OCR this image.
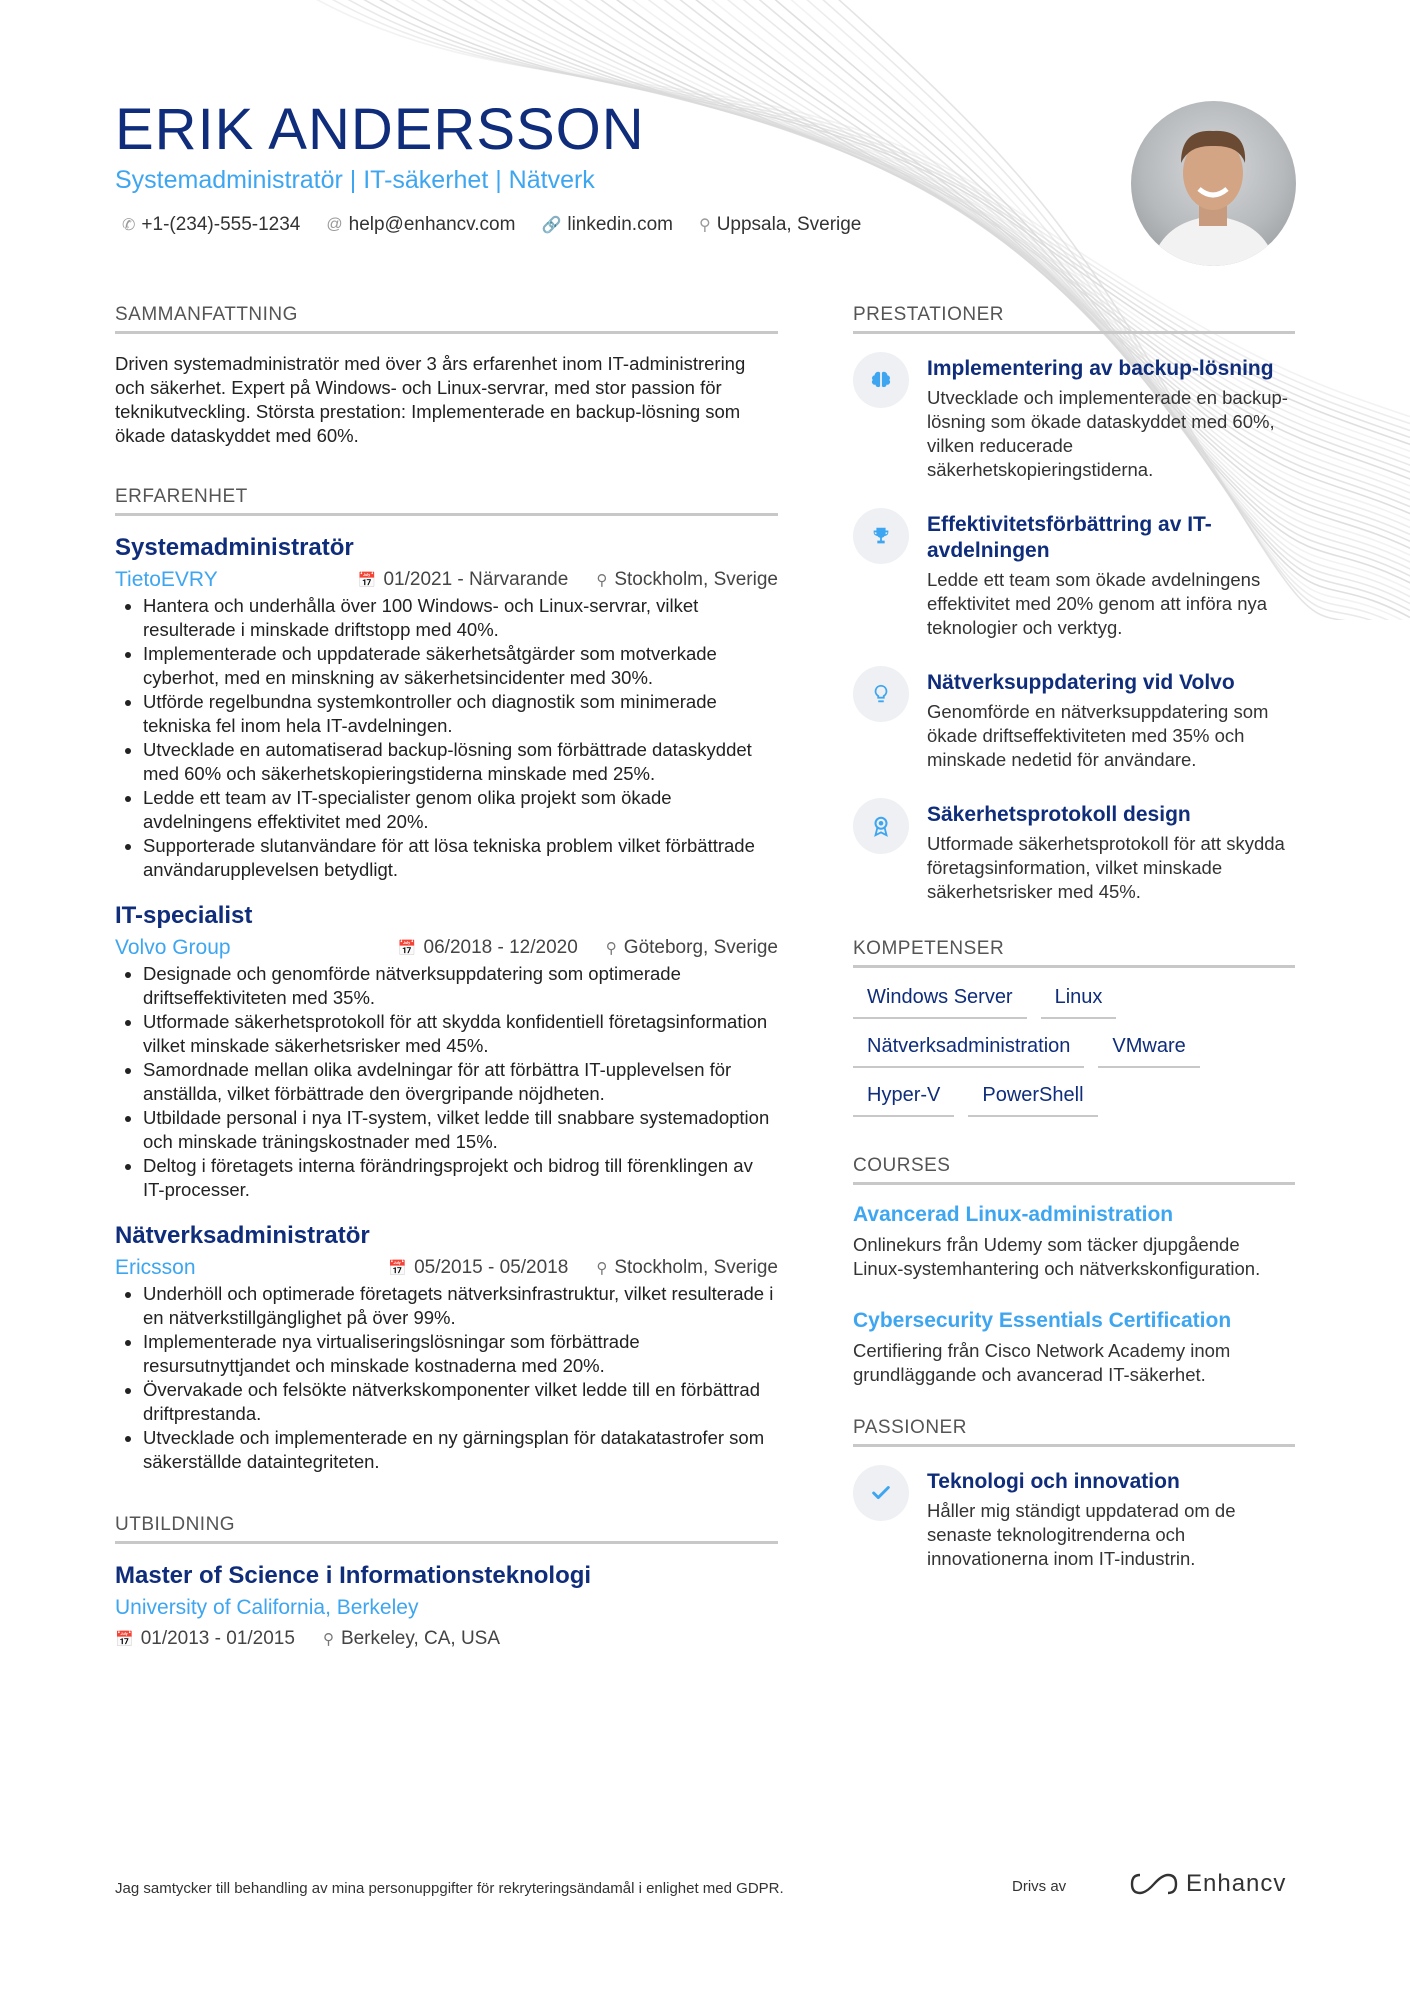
ERIK ANDERSSON
Systemadministratör | IT-säkerhet | Nätverk
✆ +1-(234)-555-1234 @ help@enhancv.com 🔗 linkedin.com ⚲ Uppsala, Sverige
SAMMANFATTNING

Driven systemadministratör med över 3 års erfarenhet inom IT-administrering och säkerhet. Expert på Windows- och Linux-servrar, med stor passion för teknikutveckling. Största prestation: Implementerade en backup-lösning som ökade dataskyddet med 60%.

ERFARENHET
Systemadministratör
TietoEVRY	📅 01/2021 - Närvarande ⚲ Stockholm, Sverige
• Hantera och underhålla över 100 Windows- och Linux-servrar, vilket resulterade i minskade driftstopp med 40%.
• Implementerade och uppdaterade säkerhetsåtgärder som motverkade cyberhot, med en minskning av säkerhetsincidenter med 30%.
• Utförde regelbundna systemkontroller och diagnostik som minimerade tekniska fel inom hela IT-avdelningen.
• Utvecklade en automatiserad backup-lösning som förbättrade dataskyddet med 60% och säkerhetskopieringstiderna minskade med 25%.
• Ledde ett team av IT-specialister genom olika projekt som ökade avdelningens effektivitet med 20%.
• Supporterade slutanvändare för att lösa tekniska problem vilket förbättrade användarupplevelsen betydligt.
IT-specialist
Volvo Group	📅 06/2018 - 12/2020 ⚲ Göteborg, Sverige
• Designade och genomförde nätverksuppdatering som optimerade driftseffektiviteten med 35%.
• Utformade säkerhetsprotokoll för att skydda konfidentiell företagsinformation vilket minskade säkerhetsrisker med 45%.
• Samordnade mellan olika avdelningar för att förbättra IT-upplevelsen för anställda, vilket förbättrade den övergripande nöjdheten.
• Utbildade personal i nya IT-system, vilket ledde till snabbare systemadoption och minskade träningskostnader med 15%.
• Deltog i företagets interna förändringsprojekt och bidrog till förenklingen av IT-processer.
Nätverksadministratör
Ericsson	📅 05/2015 - 05/2018 ⚲ Stockholm, Sverige
• Underhöll och optimerade företagets nätverksinfrastruktur, vilket resulterade i en nätverkstillgänglighet på över 99%.
• Implementerade nya virtualiseringslösningar som förbättrade resursutnyttjandet och minskade kostnaderna med 20%.
• Övervakade och felsökte nätverkskomponenter vilket ledde till en förbättrad driftprestanda.
• Utvecklade och implementerade en ny gärningsplan för datakatastrofer som säkerställde dataintegriteten.
UTBILDNING
Master of Science i Informationsteknologi
University of California, Berkeley
📅 01/2013 - 01/2015 ⚲ Berkeley, CA, USA
PRESTATIONER
Implementering av backup-lösning

Utvecklade och implementerade en backup-lösning som ökade dataskyddet med 60%, vilken reducerade säkerhetskopieringstiderna.

Effektivitetsförbättring av IT-avdelningen

Ledde ett team som ökade avdelningens effektivitet med 20% genom att införa nya teknologier och verktyg.

Nätverksuppdatering vid Volvo

Genomförde en nätverksuppdatering som ökade driftseffektiviteten med 35% och minskade nedetid för användare.

Säkerhetsprotokoll design

Utformade säkerhetsprotokoll för att skydda företagsinformation, vilket minskade säkerhetsrisker med 45%.

KOMPETENSER
Windows Server	Linux
Nätverksadministration	VMware
Hyper-V	PowerShell
COURSES
Avancerad Linux-administration

Onlinekurs från Udemy som täcker djupgående Linux-systemhantering och nätverkskonfiguration.

Cybersecurity Essentials Certification

Certifiering från Cisco Network Academy inom grundläggande och avancerad IT-säkerhet.

PASSIONER
Teknologi och innovation

Håller mig ständigt uppdaterad om de senaste teknologitrenderna och innovationerna inom IT-industrin.

Jag samtycker till behandling av mina personuppgifter för rekryteringsändamål i enlighet med GDPR.	Drivs av	Enhancv
